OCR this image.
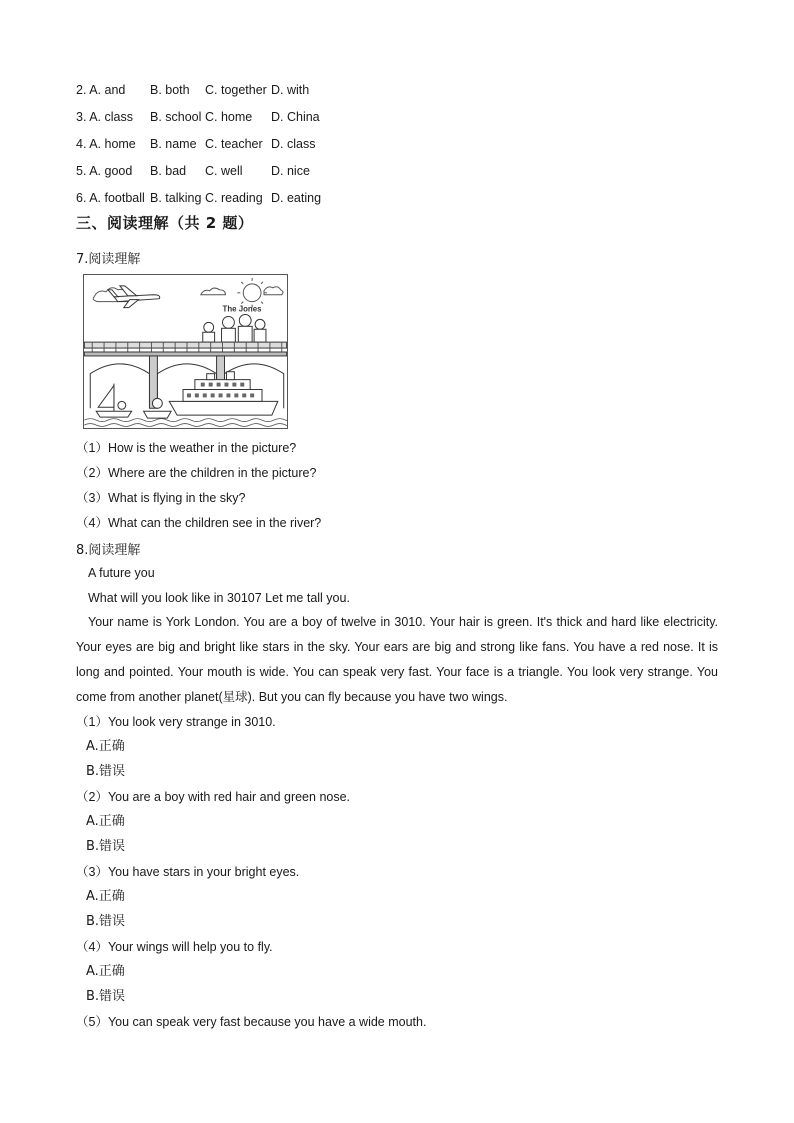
2. A. and B. both C. together D. with
3. A. class B. school C. home D. China
4. A. home B. name C. teacher D. class
5. A. good B. bad C. well D. nice
6. A. football B. talking C. reading D. eating
三、阅读理解（共 2 题）
7.阅读理解
The Jones
（1）How is the weather in the picture?
（2）Where are the children in the picture?
（3）What is flying in the sky?
（4）What can the children see in the river?
8.阅读理解
A future you
What will you look like in 30107 Let me tall you.
Your name is York London. You are a boy of twelve in 3010. Your hair is green. It's thick and hard like electricity. Your eyes are big and bright like stars in the sky. Your ears are big and strong like fans. You have a red nose. It is long and pointed. Your mouth is wide. You can speak very fast. Your face is a triangle. You look very strange. You come from another planet(星球). But you can fly because you have two wings.
（1）You look very strange in 3010.
A.正确
B.错误
（2）You are a boy with red hair and green nose.
A.正确
B.错误
（3）You have stars in your bright eyes.
A.正确
B.错误
（4）Your wings will help you to fly.
A.正确
B.错误
（5）You can speak very fast because you have a wide mouth.
